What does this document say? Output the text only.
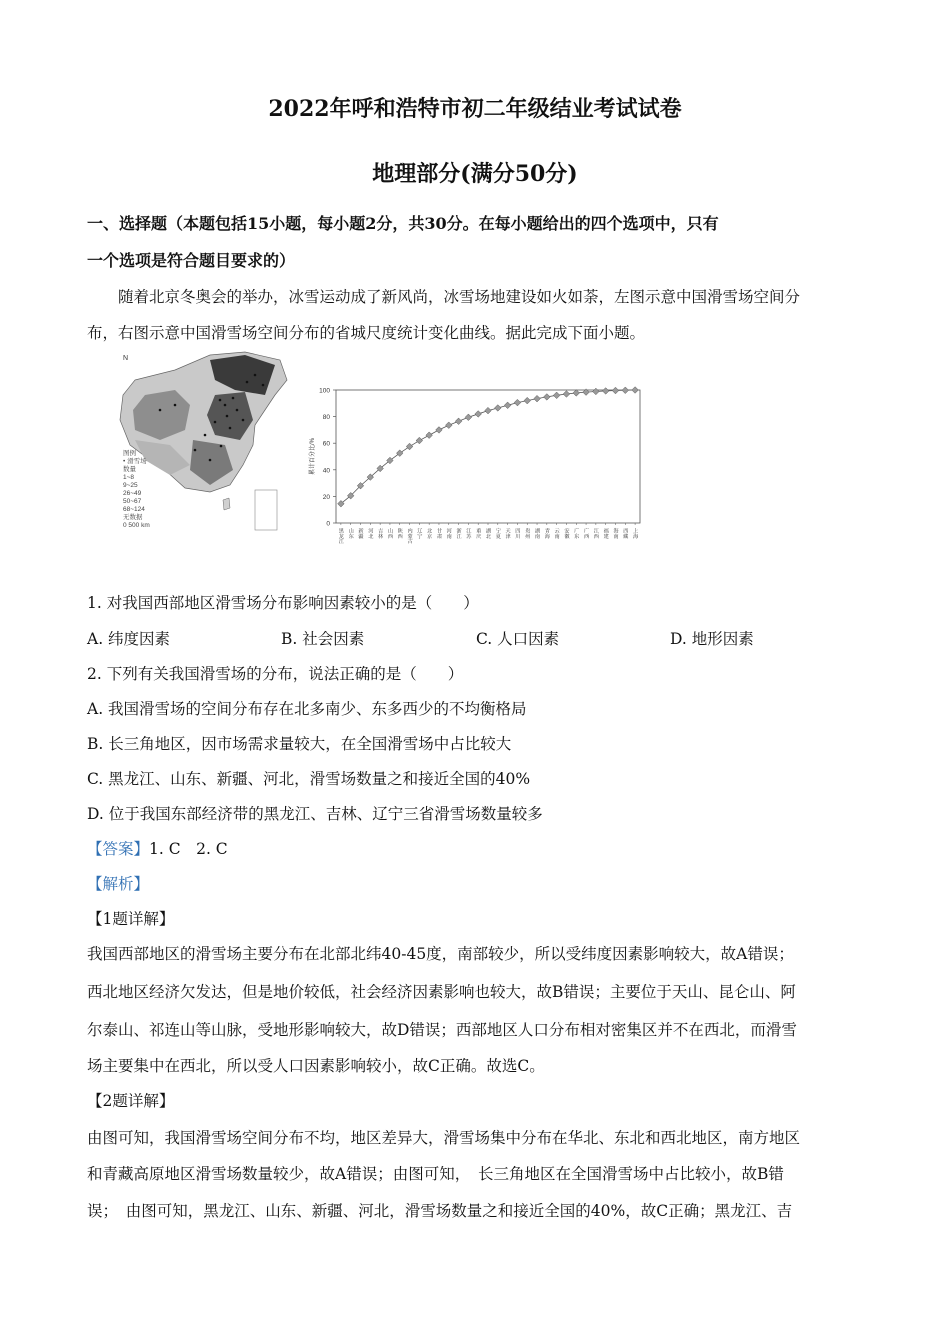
2022年呼和浩特市初二年级结业考试试卷
地理部分(满分50分)
一、选择题（本题包括15小题，每小题2分，共30分。在每小题给出的四个选项中，只有
一个选项是符合题目要求的）
随着北京冬奥会的举办，冰雪运动成了新风尚，冰雪场地建设如火如荼，左图示意中国滑雪场空间分
布，右图示意中国滑雪场空间分布的省城尺度统计变化曲线。据此完成下面小题。
N
图例
• 滑雪场
数量
1~8
9~25
26~49
50~67
68~124
无数据
0 500 km	0
20
40
60
80
100
累计百分比/%
黑龙江 山东 新疆 河北 吉林 山西 陕西 内蒙古 辽宁 北京 甘肃 河南 浙江 江苏 重庆 湖北 宁夏 天津 四川 贵州 湖南 青海 云南 安徽 广东 广西 江西 福建 海南 西藏 上海
1. 对我国西部地区滑雪场分布影响因素较小的是（　　）
A. 纬度因素	B. 社会因素	C. 人口因素	D. 地形因素
2. 下列有关我国滑雪场的分布，说法正确的是（　　）
A. 我国滑雪场的空间分布存在北多南少、东多西少的不均衡格局
B. 长三角地区，因市场需求量较大，在全国滑雪场中占比较大
C. 黑龙江、山东、新疆、河北，滑雪场数量之和接近全国的40%
D. 位于我国东部经济带的黑龙江、吉林、辽宁三省滑雪场数量较多
【答案】1. C　2. C
【解析】
【1题详解】
我国西部地区的滑雪场主要分布在北部北纬40-45度，南部较少，所以受纬度因素影响较大，故A错误；
西北地区经济欠发达，但是地价较低，社会经济因素影响也较大，故B错误；主要位于天山、昆仑山、阿
尔泰山、祁连山等山脉，受地形影响较大，故D错误；西部地区人口分布相对密集区并不在西北，而滑雪
场主要集中在西北，所以受人口因素影响较小，故C正确。故选C。
【2题详解】
由图可知，我国滑雪场空间分布不均，地区差异大，滑雪场集中分布在华北、东北和西北地区，南方地区
和青藏高原地区滑雪场数量较少，故A错误；由图可知，　长三角地区在全国滑雪场中占比较小，故B错
误；　由图可知，黑龙江、山东、新疆、河北，滑雪场数量之和接近全国的40%，故C正确；黑龙江、吉
